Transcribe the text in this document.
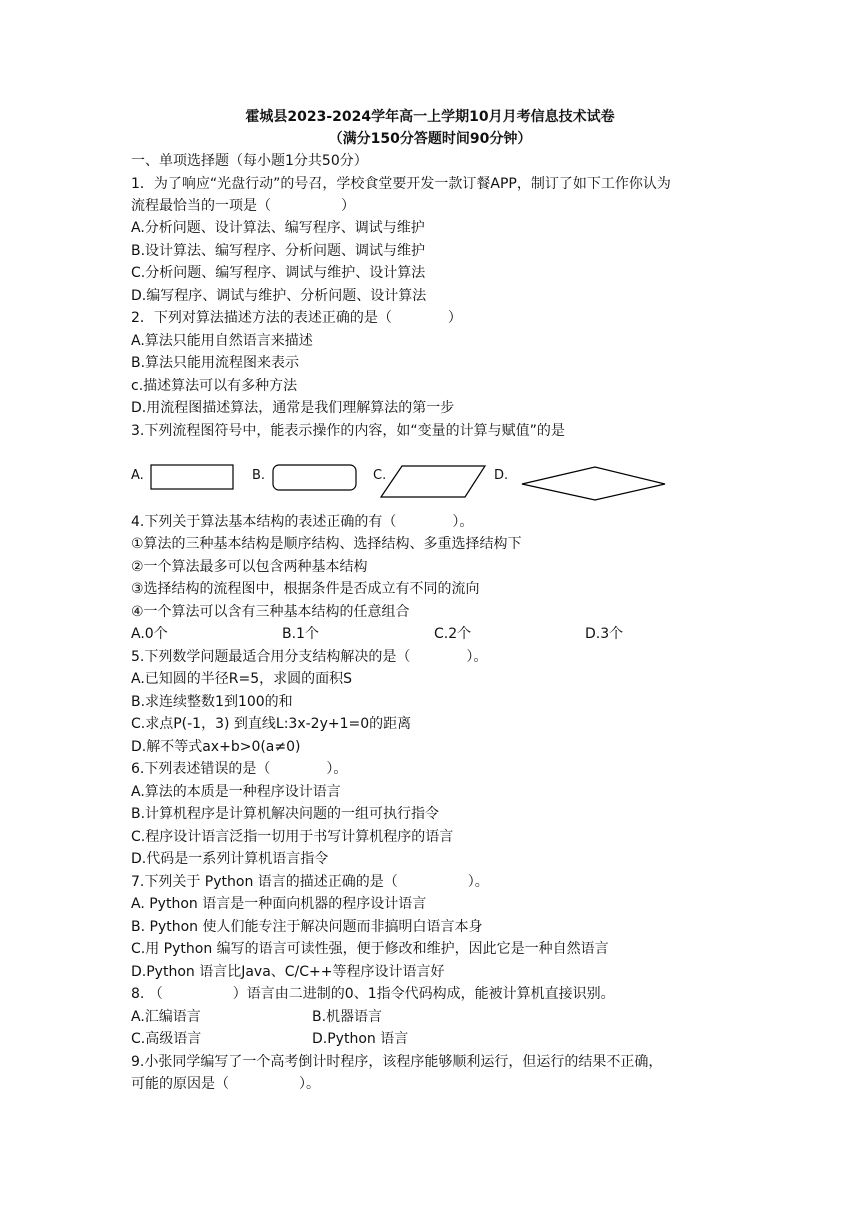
霍城县2023-2024学年高一上学期10月月考信息技术试卷
（满分150分答题时间90分钟）
一、单项选择题（每小题1分共50分）
1．为了响应“光盘行动”的号召，学校食堂要开发一款订餐APP，制订了如下工作你认为
流程最恰当的一项是（　　　　　）
A.分析问题、设计算法、编写程序、调试与维护
B.设计算法、编写程序、分析问题、调试与维护
C.分析问题、编写程序、调试与维护、设计算法
D.编写程序、调试与维护、分析问题、设计算法
2．下列对算法描述方法的表述正确的是（　　　　）
A.算法只能用自然语言来描述
B.算法只能用流程图来表示
c.描述算法可以有多种方法
D.用流程图描述算法，通常是我们理解算法的第一步
3.下列流程图符号中，能表示操作的内容，如“变量的计算与赋值”的是
A.	B.	C.	D.
4.下列关于算法基本结构的表述正确的有（　　　　）。
①算法的三种基本结构是顺序结构、选择结构、多重选择结构下
②一个算法最多可以包含两种基本结构
③选择结构的流程图中，根据条件是否成立有不同的流向
④一个算法可以含有三种基本结构的任意组合
A.0个	B.1个	C.2个	D.3个
5.下列数学问题最适合用分支结构解决的是（　　　　）。
A.已知圆的半径R=5，求圆的面积S
B.求连续整数1到100的和
C.求点P(-1，3) 到直线L:3x-2y+1=0的距离
D.解不等式ax+b>0(a≠0)
6.下列表述错误的是（　　　　）。
A.算法的本质是一种程序设计语言
B.计算机程序是计算机解决问题的一组可执行指令
C.程序设计语言泛指一切用于书写计算机程序的语言
D.代码是一系列计算机语言指令
7.下列关于 Python 语言的描述正确的是（　　　　　）。
A. Python 语言是一种面向机器的程序设计语言
B. Python 使人们能专注于解决问题而非搞明白语言本身
C.用 Python 编写的语言可读性强，便于修改和维护，因此它是一种自然语言
D.Python 语言比Java、C/C++等程序设计语言好
8. （　　　　　）语言由二进制的0、1指令代码构成，能被计算机直接识别。
A.汇编语言	B.机器语言
C.高级语言	D.Python 语言
9.小张同学编写了一个高考倒计时程序，该程序能够顺利运行，但运行的结果不正确，
可能的原因是（　　　　　）。
